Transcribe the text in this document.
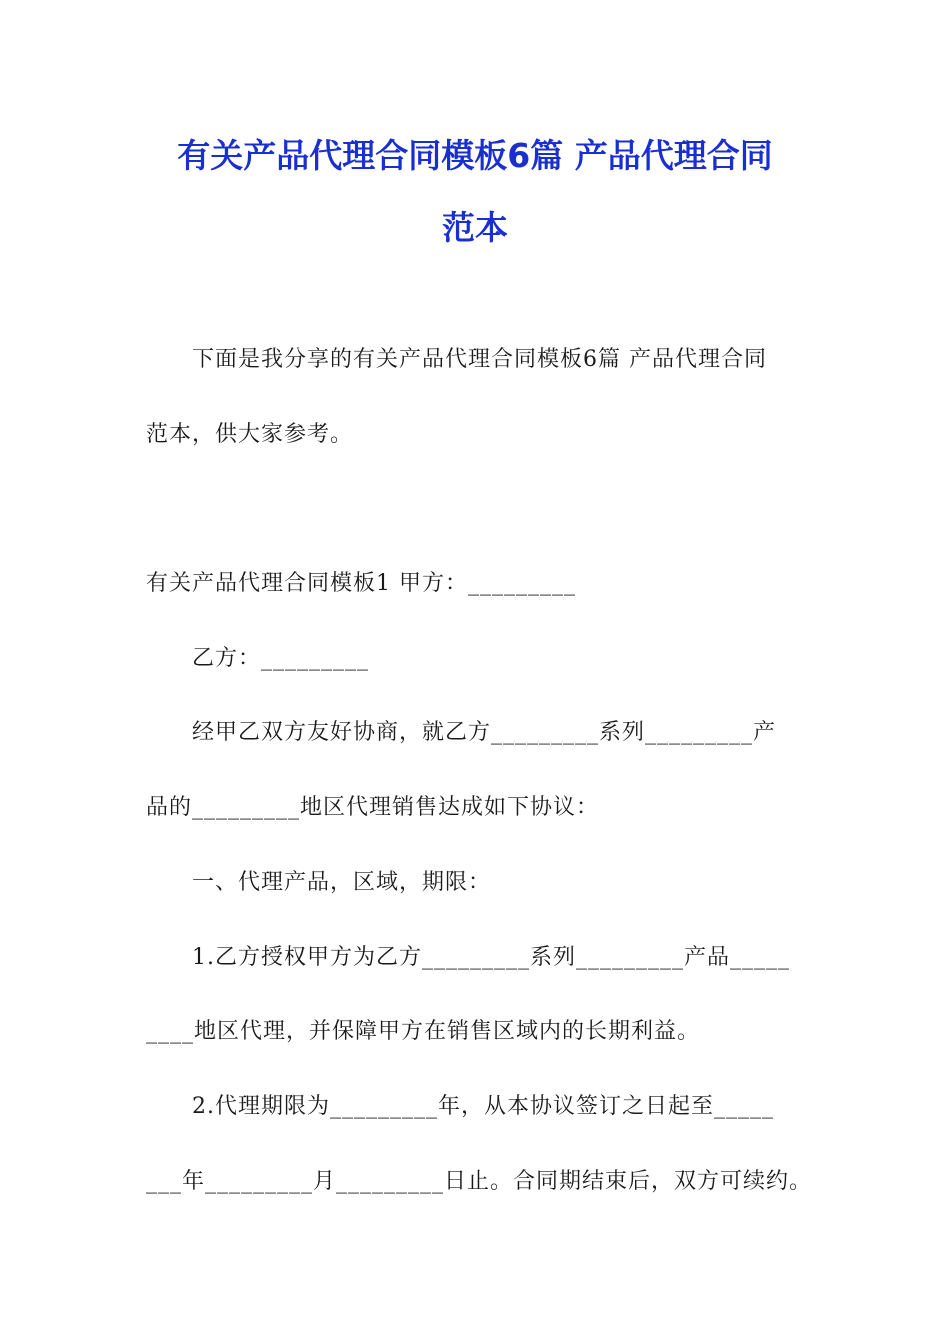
有关产品代理合同模板6篇 产品代理合同
范本
下面是我分享的有关产品代理合同模板6篇 产品代理合同
范本，供大家参考。
有关产品代理合同模板1 甲方：_________
乙方：_________
经甲乙双方友好协商，就乙方_________系列_________产
品的_________地区代理销售达成如下协议：
一、代理产品，区域，期限：
1.乙方授权甲方为乙方_________系列_________产品_____
____地区代理，并保障甲方在销售区域内的长期利益。
2.代理期限为_________年，从本协议签订之日起至_____
___年_________月_________日止。合同期结束后，双方可续约。
